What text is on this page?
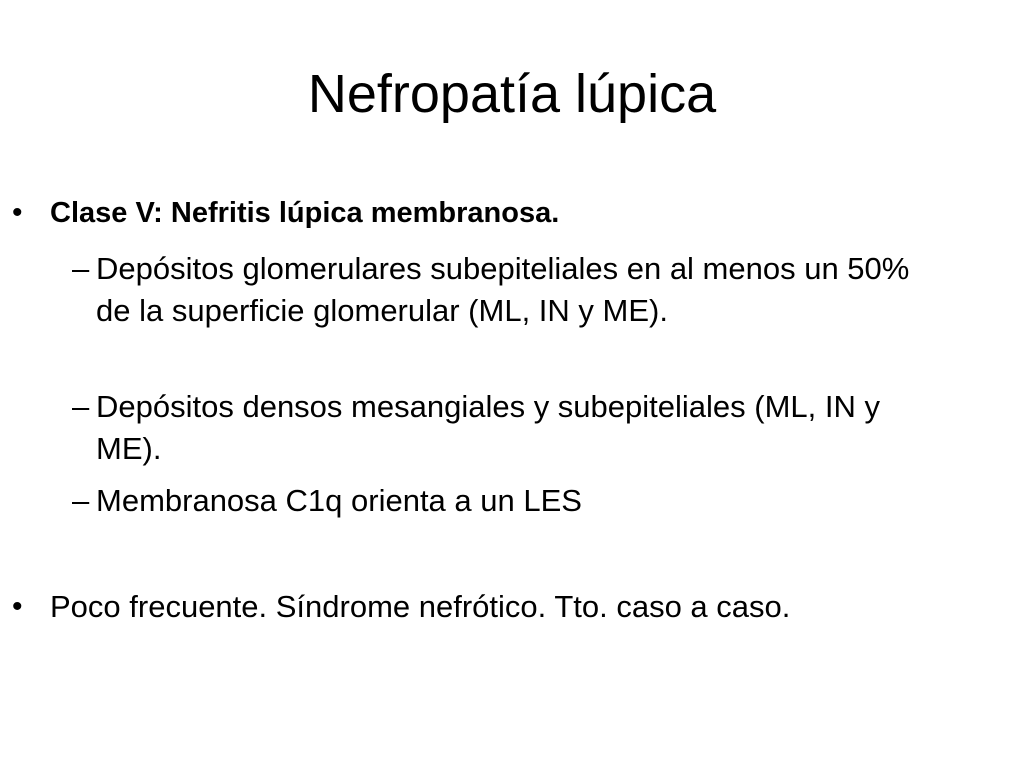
Nefropatía lúpica
• Clase V: Nefritis lúpica membranosa.
– Depósitos glomerulares subepiteliales en al menos un 50% de la superficie glomerular (ML, IN y ME).
– Depósitos densos mesangiales y subepiteliales (ML, IN y ME).
– Membranosa C1q orienta a un LES
• Poco frecuente. Síndrome nefrótico. Tto. caso a caso.
